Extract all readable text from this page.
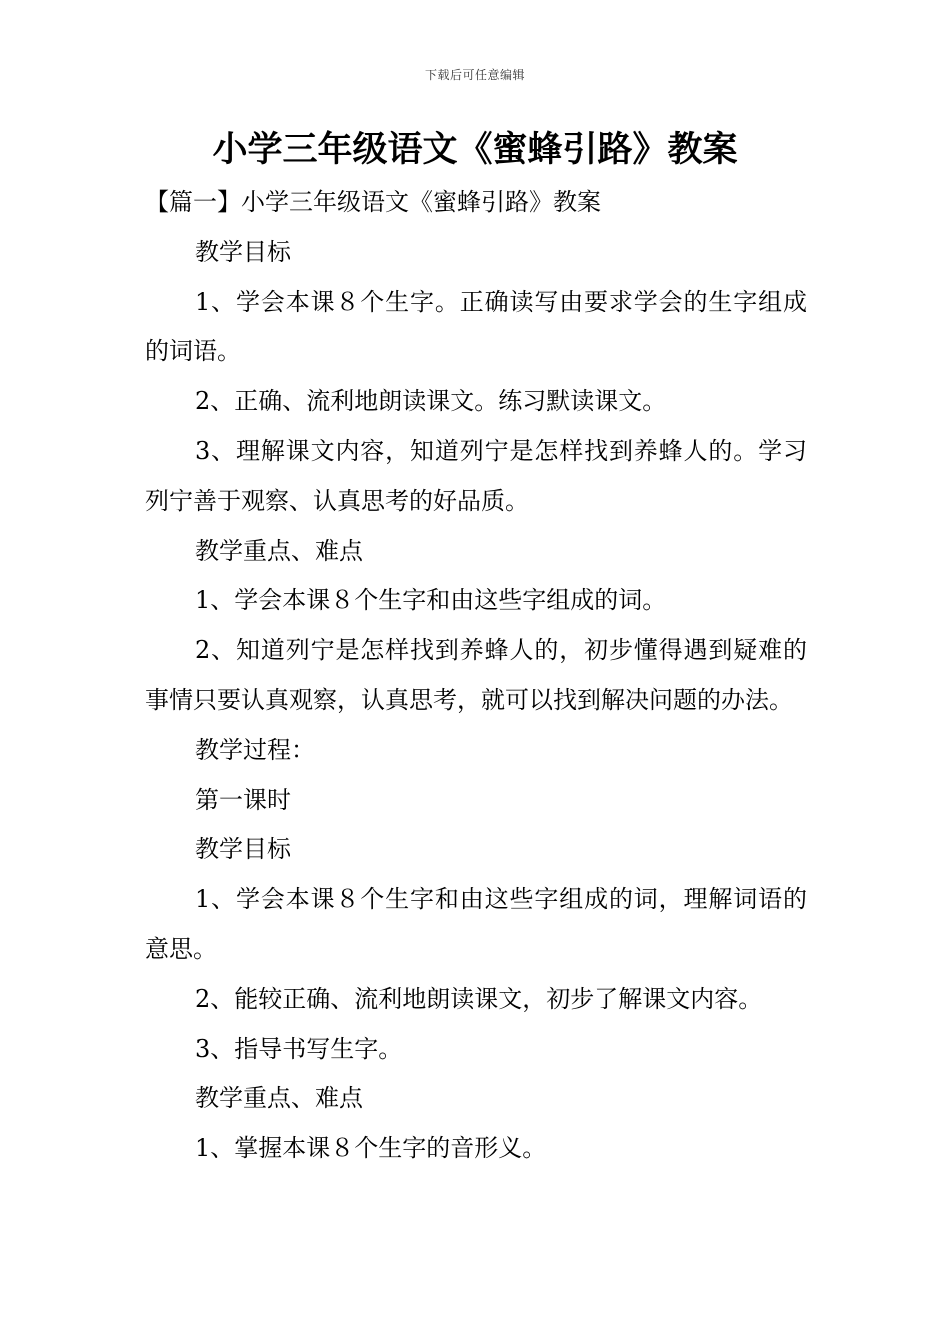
下载后可任意编辑
小学三年级语文《蜜蜂引路》教案

【篇一】小学三年级语文《蜜蜂引路》教案

教学目标

1、学会本课８个生字。正确读写由要求学会的生字组成的词语。

2、正确、流利地朗读课文。练习默读课文。

3、理解课文内容，知道列宁是怎样找到养蜂人的。学习列宁善于观察、认真思考的好品质。

教学重点、难点

1、学会本课８个生字和由这些字组成的词。

2、知道列宁是怎样找到养蜂人的，初步懂得遇到疑难的事情只要认真观察，认真思考，就可以找到解决问题的办法。

教学过程：

第一课时

教学目标

1、学会本课８个生字和由这些字组成的词，理解词语的意思。

2、能较正确、流利地朗读课文，初步了解课文内容。

3、指导书写生字。

教学重点、难点

1、掌握本课８个生字的音形义。
